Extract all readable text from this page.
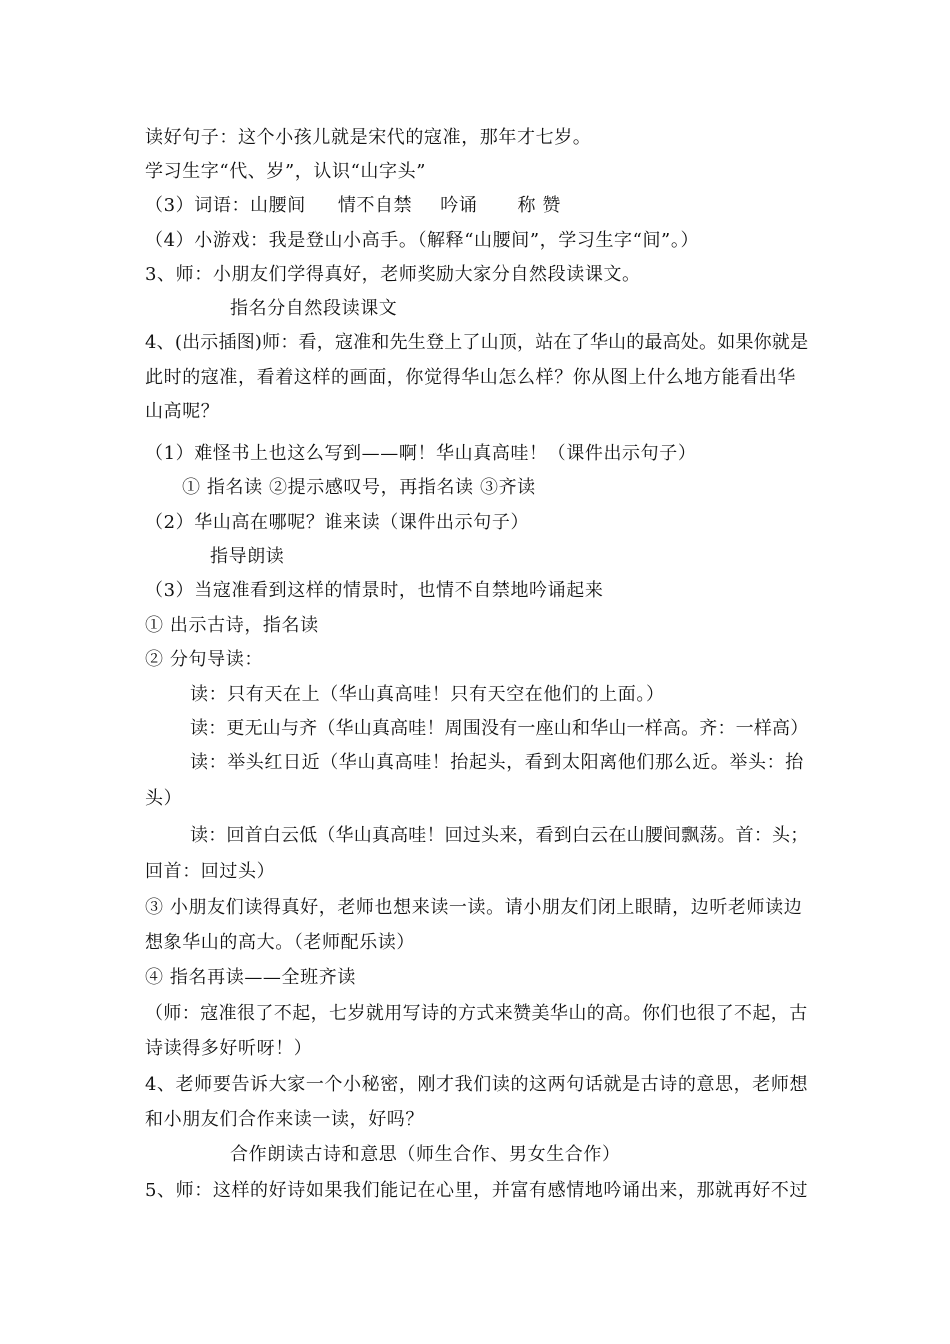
读好句子：这个小孩儿就是宋代的寇准，那年才七岁。
学习生字“代、岁”，认识“山字头”
（3）词语：山腰间 情不自禁 吟诵 称 赞
（4）小游戏：我是登山小高手。（解释“山腰间”，学习生字“间”。）
3、师：小朋友们学得真好，老师奖励大家分自然段读课文。
指名分自然段读课文
4、(出示插图)师：看，寇准和先生登上了山顶，站在了华山的最高处。如果你就是
此时的寇准，看着这样的画面，你觉得华山怎么样？你从图上什么地方能看出华
山高呢？
（1）难怪书上也这么写到——啊！华山真高哇！（课件出示句子）
① 指名读 ②提示感叹号，再指名读 ③齐读
（2）华山高在哪呢？谁来读（课件出示句子）
指导朗读
（3）当寇准看到这样的情景时，也情不自禁地吟诵起来
① 出示古诗，指名读
② 分句导读：
读：只有天在上（华山真高哇！只有天空在他们的上面。）
读：更无山与齐（华山真高哇！周围没有一座山和华山一样高。齐：一样高）
读：举头红日近（华山真高哇！抬起头，看到太阳离他们那么近。举头：抬
头）
读：回首白云低（华山真高哇！回过头来，看到白云在山腰间飘荡。首：头；
回首：回过头）
③ 小朋友们读得真好，老师也想来读一读。请小朋友们闭上眼睛，边听老师读边
想象华山的高大。（老师配乐读）
④ 指名再读——全班齐读
（师：寇准很了不起，七岁就用写诗的方式来赞美华山的高。你们也很了不起，古
诗读得多好听呀！）
4、老师要告诉大家一个小秘密，刚才我们读的这两句话就是古诗的意思，老师想
和小朋友们合作来读一读，好吗？
合作朗读古诗和意思（师生合作、男女生合作）
5、师：这样的好诗如果我们能记在心里，并富有感情地吟诵出来，那就再好不过
